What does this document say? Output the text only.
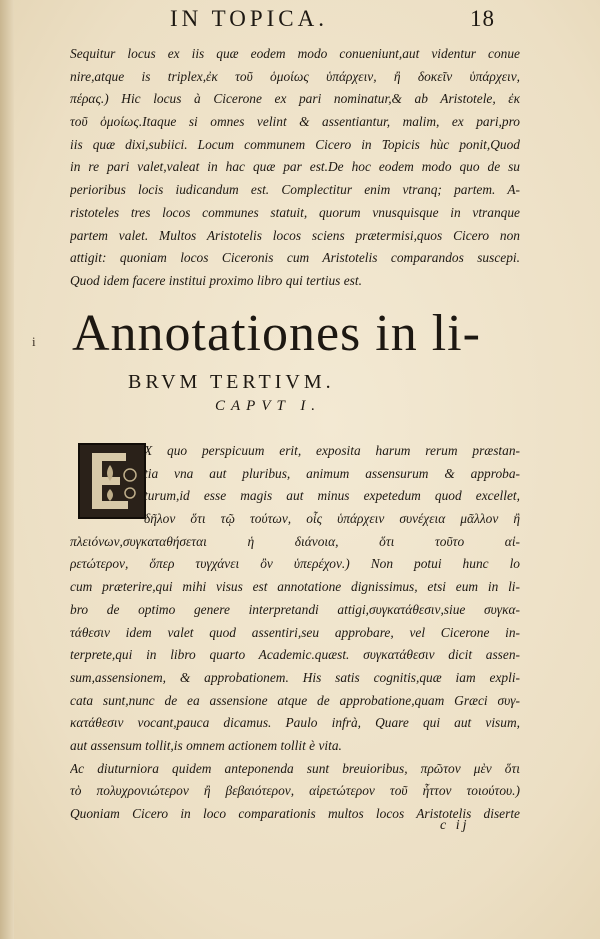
IN TOPICA.	18
Sequitur locus ex iis quæ eodem modo conueniunt,aut videntur conue
nire,atque is triplex,ἐκ τοῦ ὁμοίως ὑπάρχειν, ἢ δοκεῖν ὑπάρχειν,
πέρας.) Hic locus à Cicerone ex pari nominatur,& ab Aristotele, ἐκ
τοῦ ὁμοίως.Itaque si omnes velint & assentiantur, malim, ex pari,pro
iis quæ dixi,subiici. Locum communem Cicero in Topicis hùc ponit,Quod
in re pari valet,valeat in hac quæ par est.De hoc eodem modo quo de su
perioribus locis iudicandum est. Complectitur enim vtranq; partem. A-
ristoteles tres locos communes statuit, quorum vnusquisque in vtranque
partem valet. Multos Aristotelis locos sciens prætermisi,quos Cicero non
attigit: quoniam locos Ciceronis cum Aristotelis comparandos suscepi.
Quod idem facere institui proximo libro qui tertius est.
i Annotationes in li-
BRVM TERTIVM.
CAPVT I.
X quo perspicuum erit, exposita harum rerum præstan-
tia vna aut pluribus, animum assensurum & approba-
turum,id esse magis aut minus expetedum quod excellet,
δῆλον ὅτι τῷ τούτων, οἷς ὑπάρχειν συνέχεια μᾶλλον ἢ
πλειόνων,συγκαταθήσεται ἡ διάνοια, ὅτι τοῦτο αἱ-
ρετώτερον, ὅπερ τυγχάνει ὂν ὑπερέχον.) Non potui hunc lo
cum præterire,qui mihi visus est annotatione dignissimus, etsi eum in li-
bro de optimo genere interpretandi attigi,συγκατάθεσιν,siue συγκα-
τάθεσιν idem valet quod assentiri,seu approbare, vel Cicerone in-
terprete,qui in libro quarto Academic.quæst. συγκατάθεσιν dicit assen-
sum,assensionem, & approbationem. His satis cognitis,quæ iam expli-
cata sunt,nunc de ea assensione atque de approbatione,quam Græci συγ-
κατάθεσιν vocant,pauca dicamus. Paulo infrà, Quare qui aut visum,
aut assensum tollit,is omnem actionem tollit è vita.
Ac diuturniora quidem anteponenda sunt breuioribus, πρῶτον μὲν ὅτι
τὸ πολυχρονιώτερον ἢ βεβαιότερον, αἱρετώτερον τοῦ ἧττον τοιούτου.)
Quoniam Cicero in loco comparationis multos locos Aristotelis diserte
c ij
